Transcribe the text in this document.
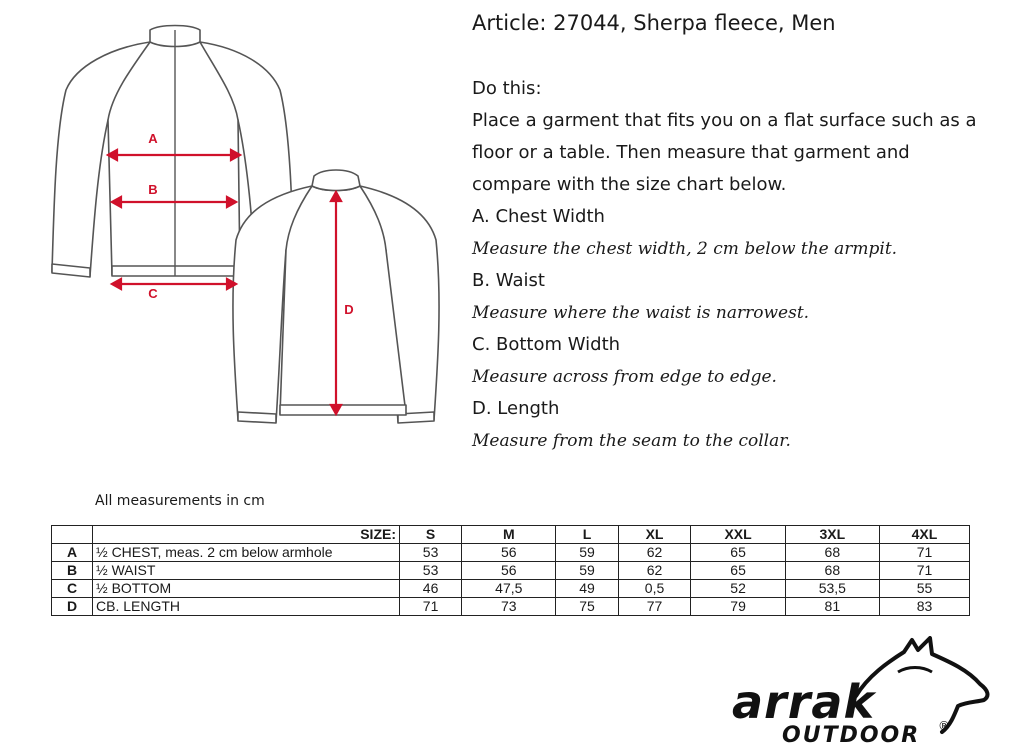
A
B
C
D
Article: 27044, Sherpa fleece, Men
Do this:
Place a garment that fits you on a flat surface such as a
floor or a table. Then measure that garment and
compare with the size chart below.
A. Chest Width
Measure the chest width, 2 cm below the armpit.
B. Waist
Measure where the waist is narrowest.
C. Bottom Width
Measure across from edge to edge.
D. Length
Measure from the seam to the collar.
All measurements in cm
	SIZE:	S	M	L	XL	XXL	3XL	4XL
A	½ CHEST, meas. 2 cm below armhole	53	56	59	62	65	68	71
B	½ WAIST	53	56	59	62	65	68	71
C	½ BOTTOM	46	47,5	49	0,5	52	53,5	55
D	CB. LENGTH	71	73	75	77	79	81	83
arrak
OUTDOOR ®
